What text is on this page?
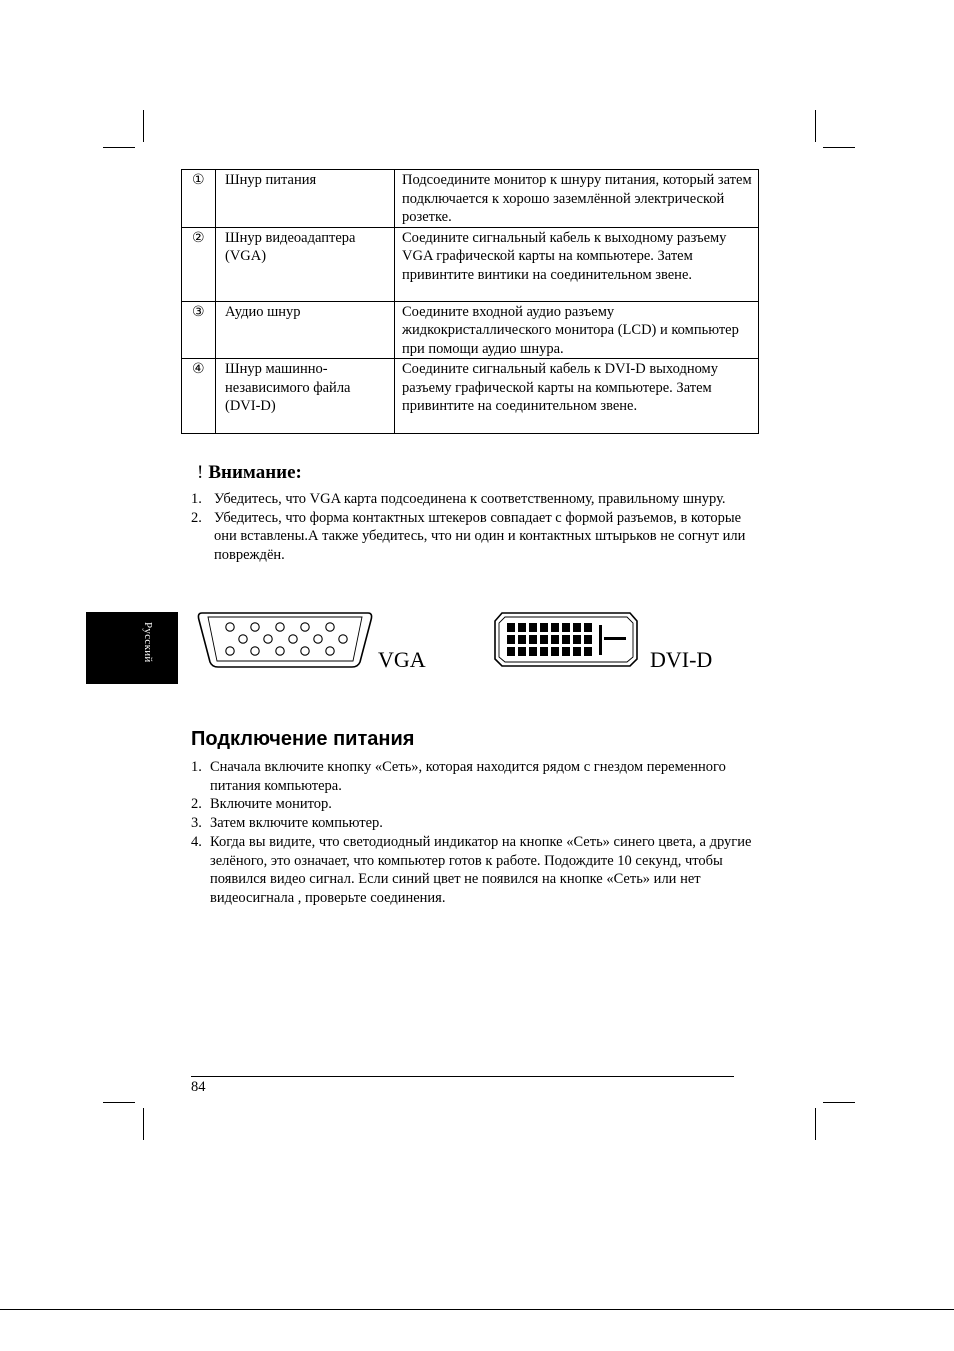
①	Шнур питания	Подсоедините монитор к шнуру питания, который затем подключается к хорошо заземлённой электрической розетке.
②	Шнур видеоадаптера (VGA)	Соедините сигнальный кабель к выходному разъему VGA графической карты на компьютере. Затем привинтите винтики на соединительном звене.
③	Аудио шнур	Соедините входной аудио разъему жидкокристаллического монитора (LCD) и компьютер при помощи аудио шнура.
④	Шнур машинно-независимого файла (DVI-D)	Соедините сигнальный кабель к DVI-D выходному разъему графической карты на компьютере. Затем привинтите на соединительном звене.
! Внимание:
1. Убедитесь, что VGA карта подсоединена к соответственному, правильному шнуру.
2. Убедитесь, что форма контактных штекеров совпадает с формой разъемов, в которые они вставлены.А также убедитесь, что ни один и контактных штырьков не согнут или повреждён.
Русский	VGA	DVI-D
Подключение питания
1. Сначала включите кнопку «Сеть», которая находится рядом с гнездом переменного питания компьютера.
2. Включите монитор.
3. Затем включите компьютер.
4. Когда вы видите, что светодиодный индикатор на кнопке «Сеть» синего цвета, а другие зелёного, это означает, что компьютер готов к работе. Подождите 10 секунд, чтобы появился видео сигнал. Если синий цвет не появился на кнопке «Сеть» или нет видеосигнала , проверьте соединения.
84
